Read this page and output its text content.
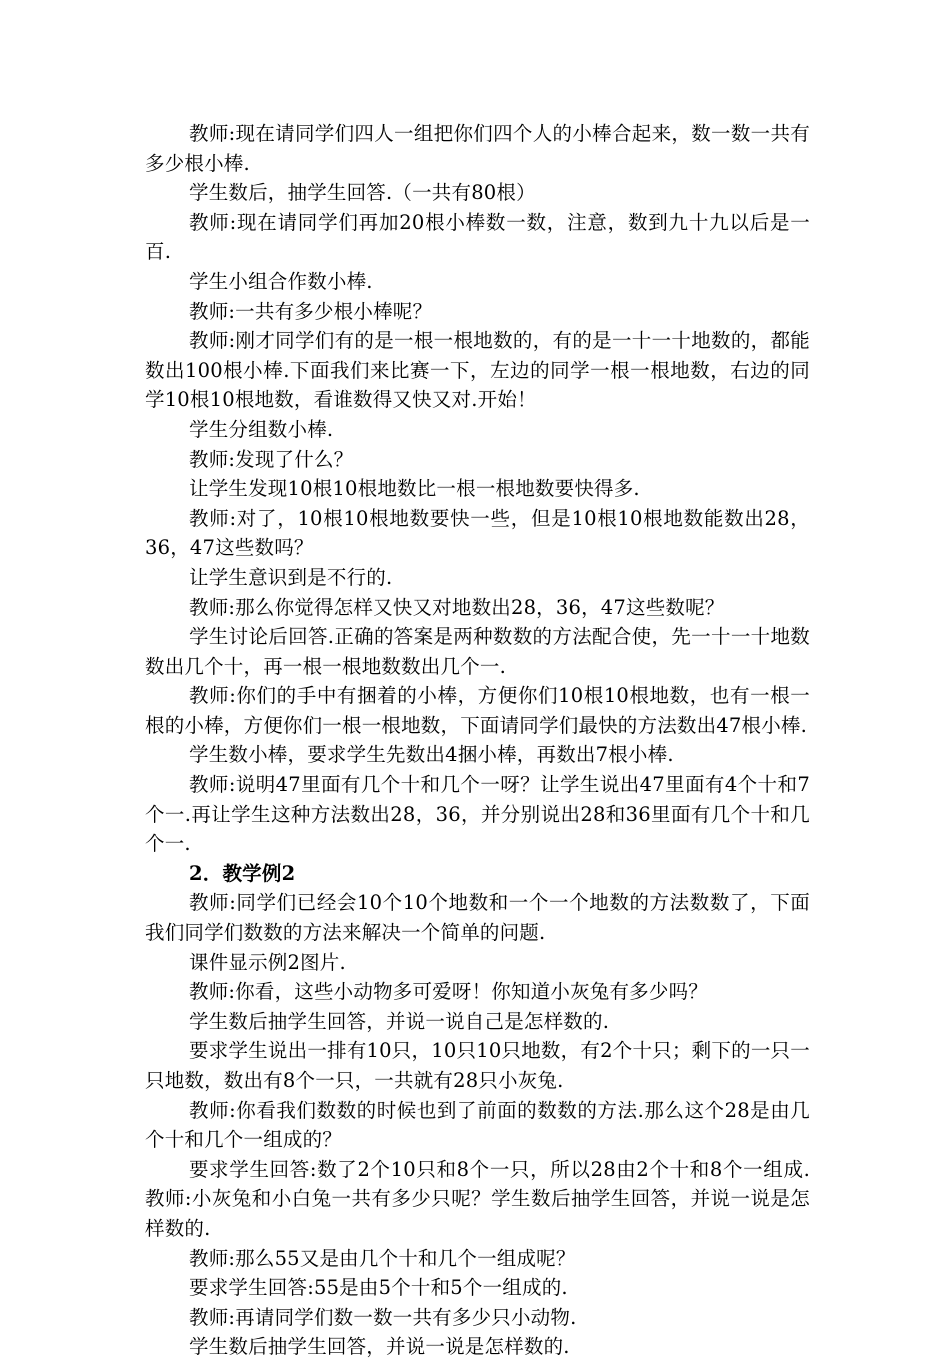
教师:现在请同学们四人一组把你们四个人的小棒合起来，数一数一共有多少根小棒.

学生数后，抽学生回答.（一共有80根）

教师:现在请同学们再加20根小棒数一数，注意，数到九十九以后是一百.

学生小组合作数小棒.

教师:一共有多少根小棒呢？

教师:刚才同学们有的是一根一根地数的，有的是一十一十地数的，都能数出100根小棒.下面我们来比赛一下，左边的同学一根一根地数，右边的同学10根10根地数，看谁数得又快又对.开始！

学生分组数小棒.

教师:发现了什么？

让学生发现10根10根地数比一根一根地数要快得多.

教师:对了，10根10根地数要快一些，但是10根10根地数能数出28，36，47这些数吗？

让学生意识到是不行的.

教师:那么你觉得怎样又快又对地数出28，36，47这些数呢？

学生讨论后回答.正确的答案是两种数数的方法配合使，先一十一十地数数出几个十，再一根一根地数数出几个一.

教师:你们的手中有捆着的小棒，方便你们10根10根地数，也有一根一根的小棒，方便你们一根一根地数，下面请同学们最快的方法数出47根小棒.

学生数小棒，要求学生先数出4捆小棒，再数出7根小棒.

教师:说明47里面有几个十和几个一呀？让学生说出47里面有4个十和7个一.再让学生这种方法数出28，36，并分别说出28和36里面有几个十和几个一.

2．教学例2

教师:同学们已经会10个10个地数和一个一个地数的方法数数了，下面我们同学们数数的方法来解决一个简单的问题.

课件显示例2图片.

教师:你看，这些小动物多可爱呀！你知道小灰兔有多少吗？

学生数后抽学生回答，并说一说自己是怎样数的.

要求学生说出一排有10只，10只10只地数，有2个十只；剩下的一只一只地数，数出有8个一只，一共就有28只小灰兔.

教师:你看我们数数的时候也到了前面的数数的方法.那么这个28是由几个十和几个一组成的？

要求学生回答:数了2个10只和8个一只，所以28由2个十和8个一组成.教师:小灰兔和小白兔一共有多少只呢？学生数后抽学生回答，并说一说是怎样数的.

教师:那么55又是由几个十和几个一组成呢？

要求学生回答:55是由5个十和5个一组成的.

教师:再请同学们数一数一共有多少只小动物.

学生数后抽学生回答，并说一说是怎样数的.
